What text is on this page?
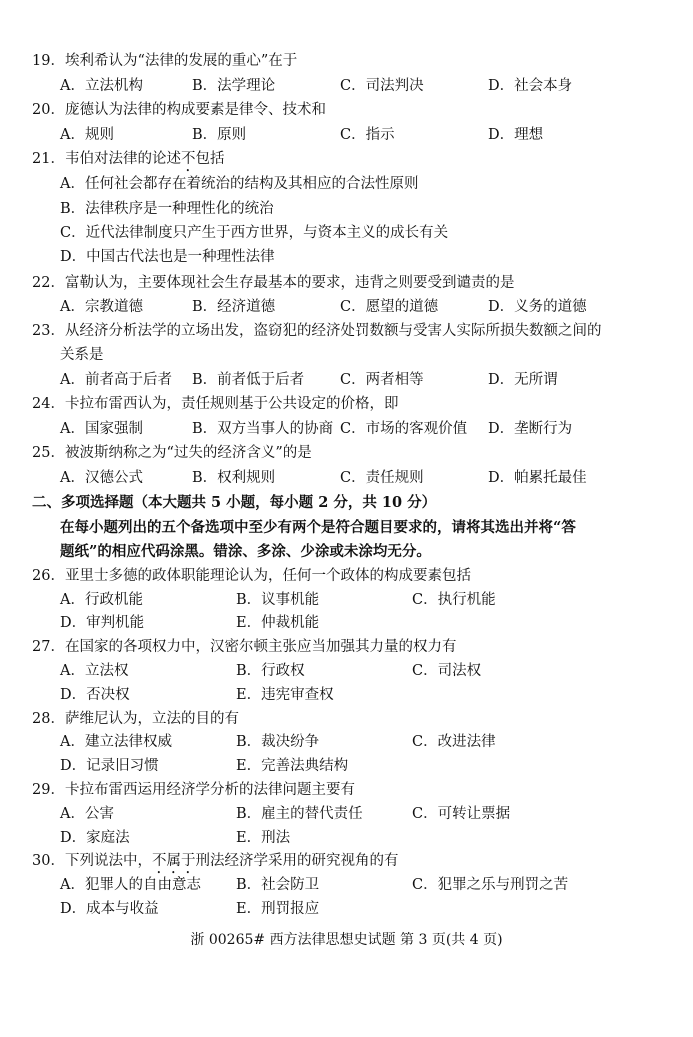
19．埃利希认为“法律的发展的重心”在于
A．立法机构	B．法学理论	C．司法判决	D．社会本身
20．庞德认为法律的构成要素是律令、技术和
A．规则	B．原则	C．指示	D．理想
21．韦伯对法律的论述不包括
A．任何社会都存在着统治的结构及其相应的合法性原则
B．法律秩序是一种理性化的统治
C．近代法律制度只产生于西方世界，与资本主义的成长有关
D．中国古代法也是一种理性法律
22．富勒认为，主要体现社会生存最基本的要求，违背之则要受到谴责的是
A．宗教道德	B．经济道德	C．愿望的道德	D．义务的道德
23．从经济分析法学的立场出发，盗窃犯的经济处罚数额与受害人实际所损失数额之间的
关系是
A．前者高于后者 B．前者低于后者 C．两者相等	D．无所谓
24．卡拉布雷西认为，责任规则基于公共设定的价格，即
A．国家强制	B．双方当事人的协商 C．市场的客观价值 D．垄断行为
25．被波斯纳称之为“过失的经济含义”的是
A．汉德公式	B．权利规则	C．责任规则	D．帕累托最佳
二、多项选择题（本大题共 5 小题，每小题 2 分，共 10 分）
在每小题列出的五个备选项中至少有两个是符合题目要求的，请将其选出并将“答
题纸”的相应代码涂黑。错涂、多涂、少涂或未涂均无分。
26．亚里士多德的政体职能理论认为，任何一个政体的构成要素包括
A．行政机能	B．议事机能	C．执行机能
D．审判机能	E．仲裁机能
27．在国家的各项权力中，汉密尔顿主张应当加强其力量的权力有
A．立法权	B．行政权	C．司法权
D．否决权	E．违宪审查权
28．萨维尼认为，立法的目的有
A．建立法律权威	B．裁决纷争	C．改进法律
D．记录旧习惯	E．完善法典结构
29．卡拉布雷西运用经济学分析的法律问题主要有
A．公害	B．雇主的替代责任	C．可转让票据
D．家庭法	E．刑法
30．下列说法中，不属于刑法经济学采用的研究视角的有
A．犯罪人的自由意志 B．社会防卫	C．犯罪之乐与刑罚之苦
D．成本与收益	E．刑罚报应
浙 00265# 西方法律思想史试题 第 3 页(共 4 页)
